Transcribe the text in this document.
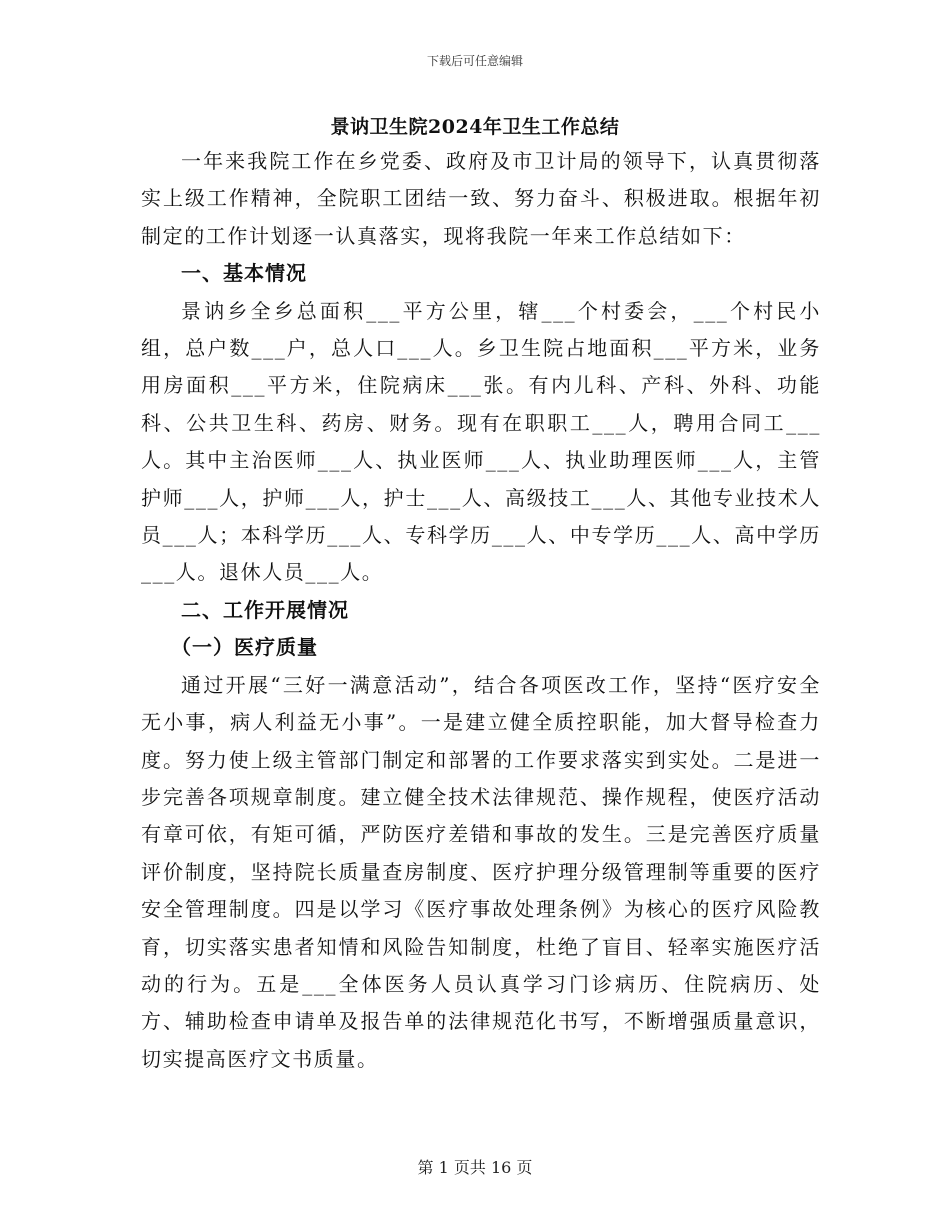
下载后可任意编辑
景讷卫生院2024年卫生工作总结

一年来我院工作在乡党委、政府及市卫计局的领导下，认真贯彻落实上级工作精神，全院职工团结一致、努力奋斗、积极进取。根据年初制定的工作计划逐一认真落实，现将我院一年来工作总结如下：

一、基本情况

景讷乡全乡总面积___平方公里，辖___个村委会，___个村民小组，总户数___户，总人口___人。乡卫生院占地面积___平方米，业务用房面积___平方米，住院病床___张。有内儿科、产科、外科、功能科、公共卫生科、药房、财务。现有在职职工___人，聘用合同工___人。其中主治医师___人、执业医师___人、执业助理医师___人，主管护师___人，护师___人，护士___人、高级技工___人、其他专业技术人员___人；本科学历___人、专科学历___人、中专学历___人、高中学历___人。退休人员___人。

二、工作开展情况
（一）医疗质量

通过开展“三好一满意活动”，结合各项医改工作，坚持“医疗安全无小事，病人利益无小事”。一是建立健全质控职能，加大督导检查力度。努力使上级主管部门制定和部署的工作要求落实到实处。二是进一步完善各项规章制度。建立健全技术法律规范、操作规程，使医疗活动有章可依，有矩可循，严防医疗差错和事故的发生。三是完善医疗质量评价制度，坚持院长质量查房制度、医疗护理分级管理制等重要的医疗安全管理制度。四是以学习《医疗事故处理条例》为核心的医疗风险教育，切实落实患者知情和风险告知制度，杜绝了盲目、轻率实施医疗活动的行为。五是___全体医务人员认真学习门诊病历、住院病历、处方、辅助检查申请单及报告单的法律规范化书写，不断增强质量意识，切实提高医疗文书质量。

第 1 页共 16 页
